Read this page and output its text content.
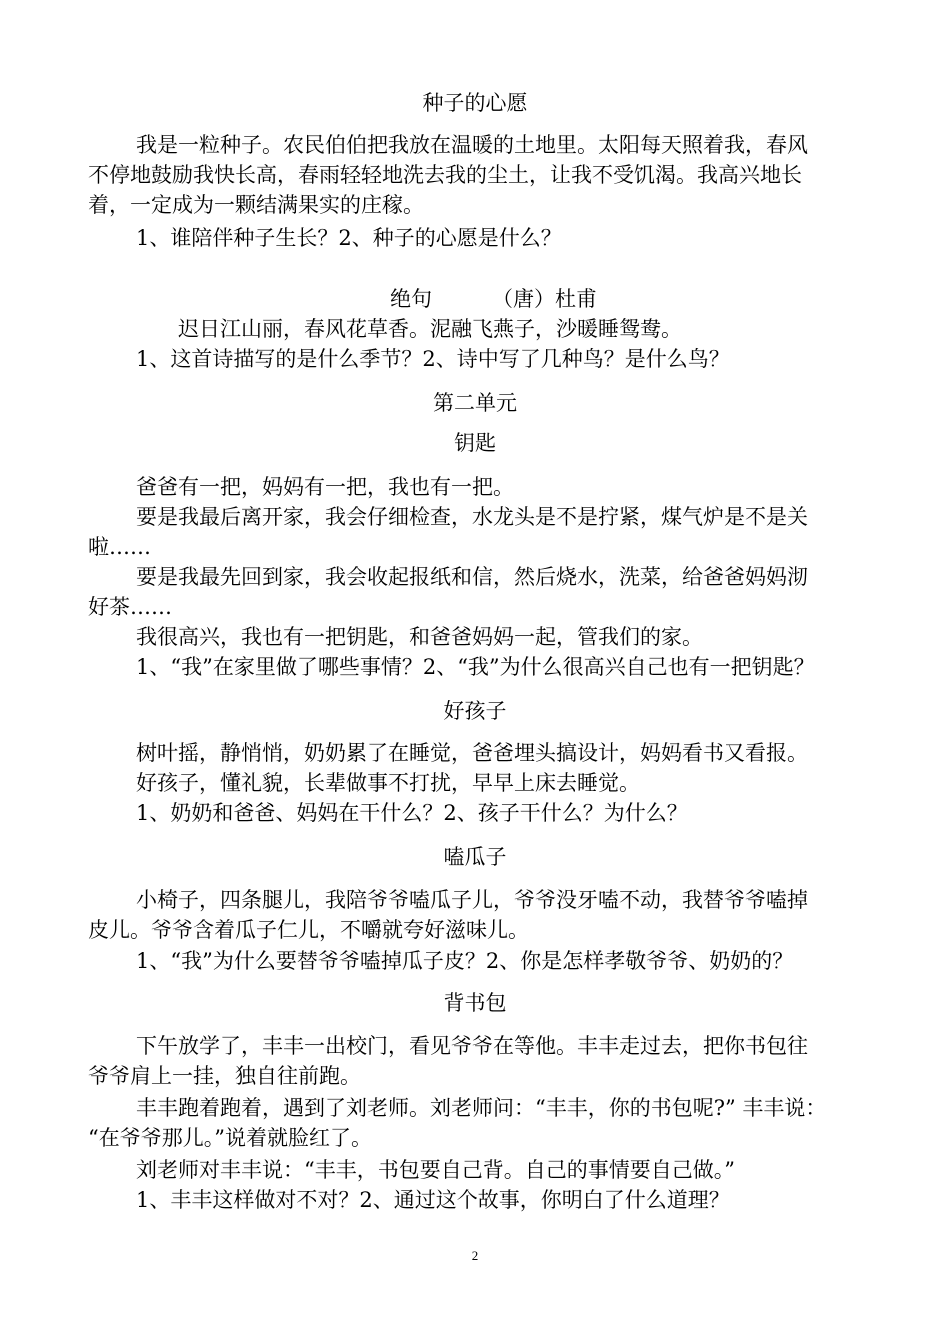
种子的心愿
我是一粒种子。农民伯伯把我放在温暖的土地里。太阳每天照着我，春风
不停地鼓励我快长高，春雨轻轻地洗去我的尘土，让我不受饥渴。我高兴地长
着，一定成为一颗结满果实的庄稼。
1、谁陪伴种子生长？2、种子的心愿是什么？
绝句	（唐）杜甫
迟日江山丽，春风花草香。泥融飞燕子，沙暖睡鸳鸯。
1、这首诗描写的是什么季节？2、诗中写了几种鸟？是什么鸟？
第二单元
钥匙
爸爸有一把，妈妈有一把，我也有一把。
要是我最后离开家，我会仔细检查，水龙头是不是拧紧，煤气炉是不是关
啦……
要是我最先回到家，我会收起报纸和信，然后烧水，洗菜，给爸爸妈妈沏
好茶……
我很高兴，我也有一把钥匙，和爸爸妈妈一起，管我们的家。
1、“我”在家里做了哪些事情？2、“我”为什么很高兴自己也有一把钥匙？
好孩子
树叶摇，静悄悄，奶奶累了在睡觉，爸爸埋头搞设计，妈妈看书又看报。
好孩子，懂礼貌，长辈做事不打扰，早早上床去睡觉。
1、奶奶和爸爸、妈妈在干什么？2、孩子干什么？为什么？
嗑瓜子
小椅子，四条腿儿，我陪爷爷嗑瓜子儿，爷爷没牙嗑不动，我替爷爷嗑掉
皮儿。爷爷含着瓜子仁儿，不嚼就夸好滋味儿。
1、“我”为什么要替爷爷嗑掉瓜子皮？2、你是怎样孝敬爷爷、奶奶的？
背书包
下午放学了，丰丰一出校门，看见爷爷在等他。丰丰走过去，把你书包往
爷爷肩上一挂，独自往前跑。
丰丰跑着跑着，遇到了刘老师。刘老师问：“丰丰，你的书包呢?” 丰丰说：
“在爷爷那儿。”说着就脸红了。
刘老师对丰丰说：“丰丰，书包要自己背。自己的事情要自己做。”
1、丰丰这样做对不对？2、通过这个故事，你明白了什么道理？
2
